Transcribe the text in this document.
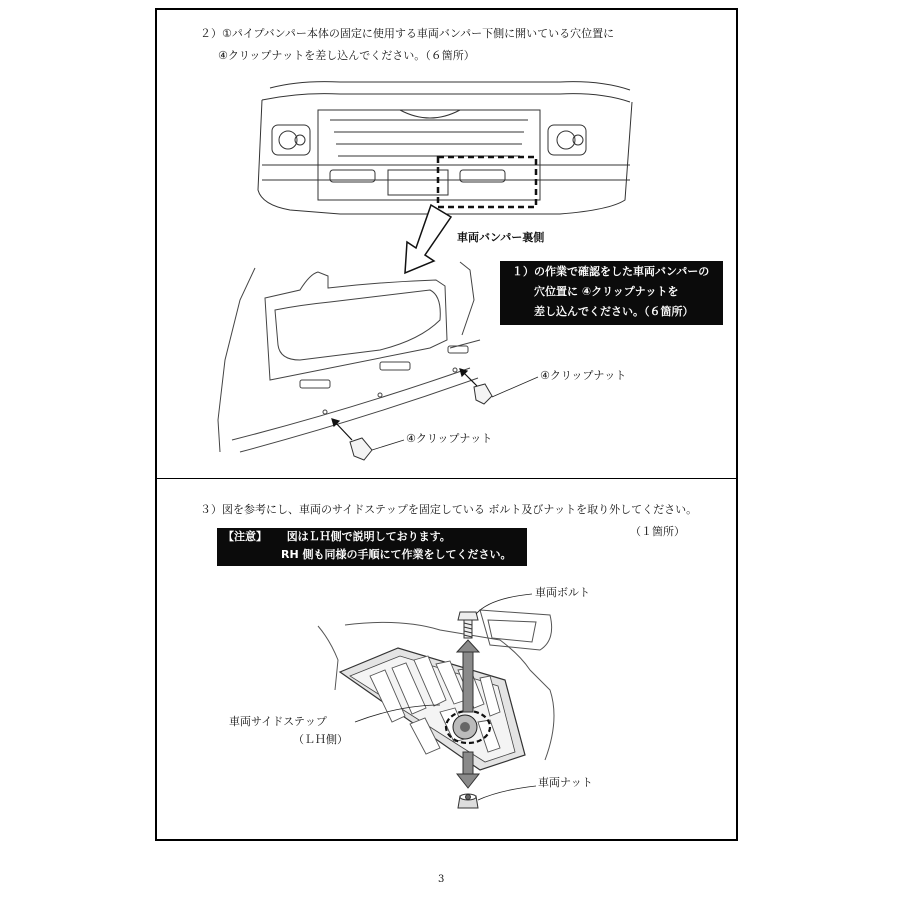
２）①パイプバンパー本体の固定に使用する車両バンパー下側に開いている穴位置に
④クリップナットを差し込んでください。（６箇所）
車両バンパー裏側
１）の作業で確認をした車両バンパーの
穴位置に ④クリップナットを
差し込んでください。（６箇所）
④クリップナット
④クリップナット
３）図を参考にし、車両のサイドステップを固定している ボルト及びナットを取り外してください。
（１箇所）
【注意】 図はＬＨ側で説明しております。
RH 側も同様の手順にて作業をしてください。
車両ボルト
車両サイドステップ
（ＬＨ側）
車両ナット
3
